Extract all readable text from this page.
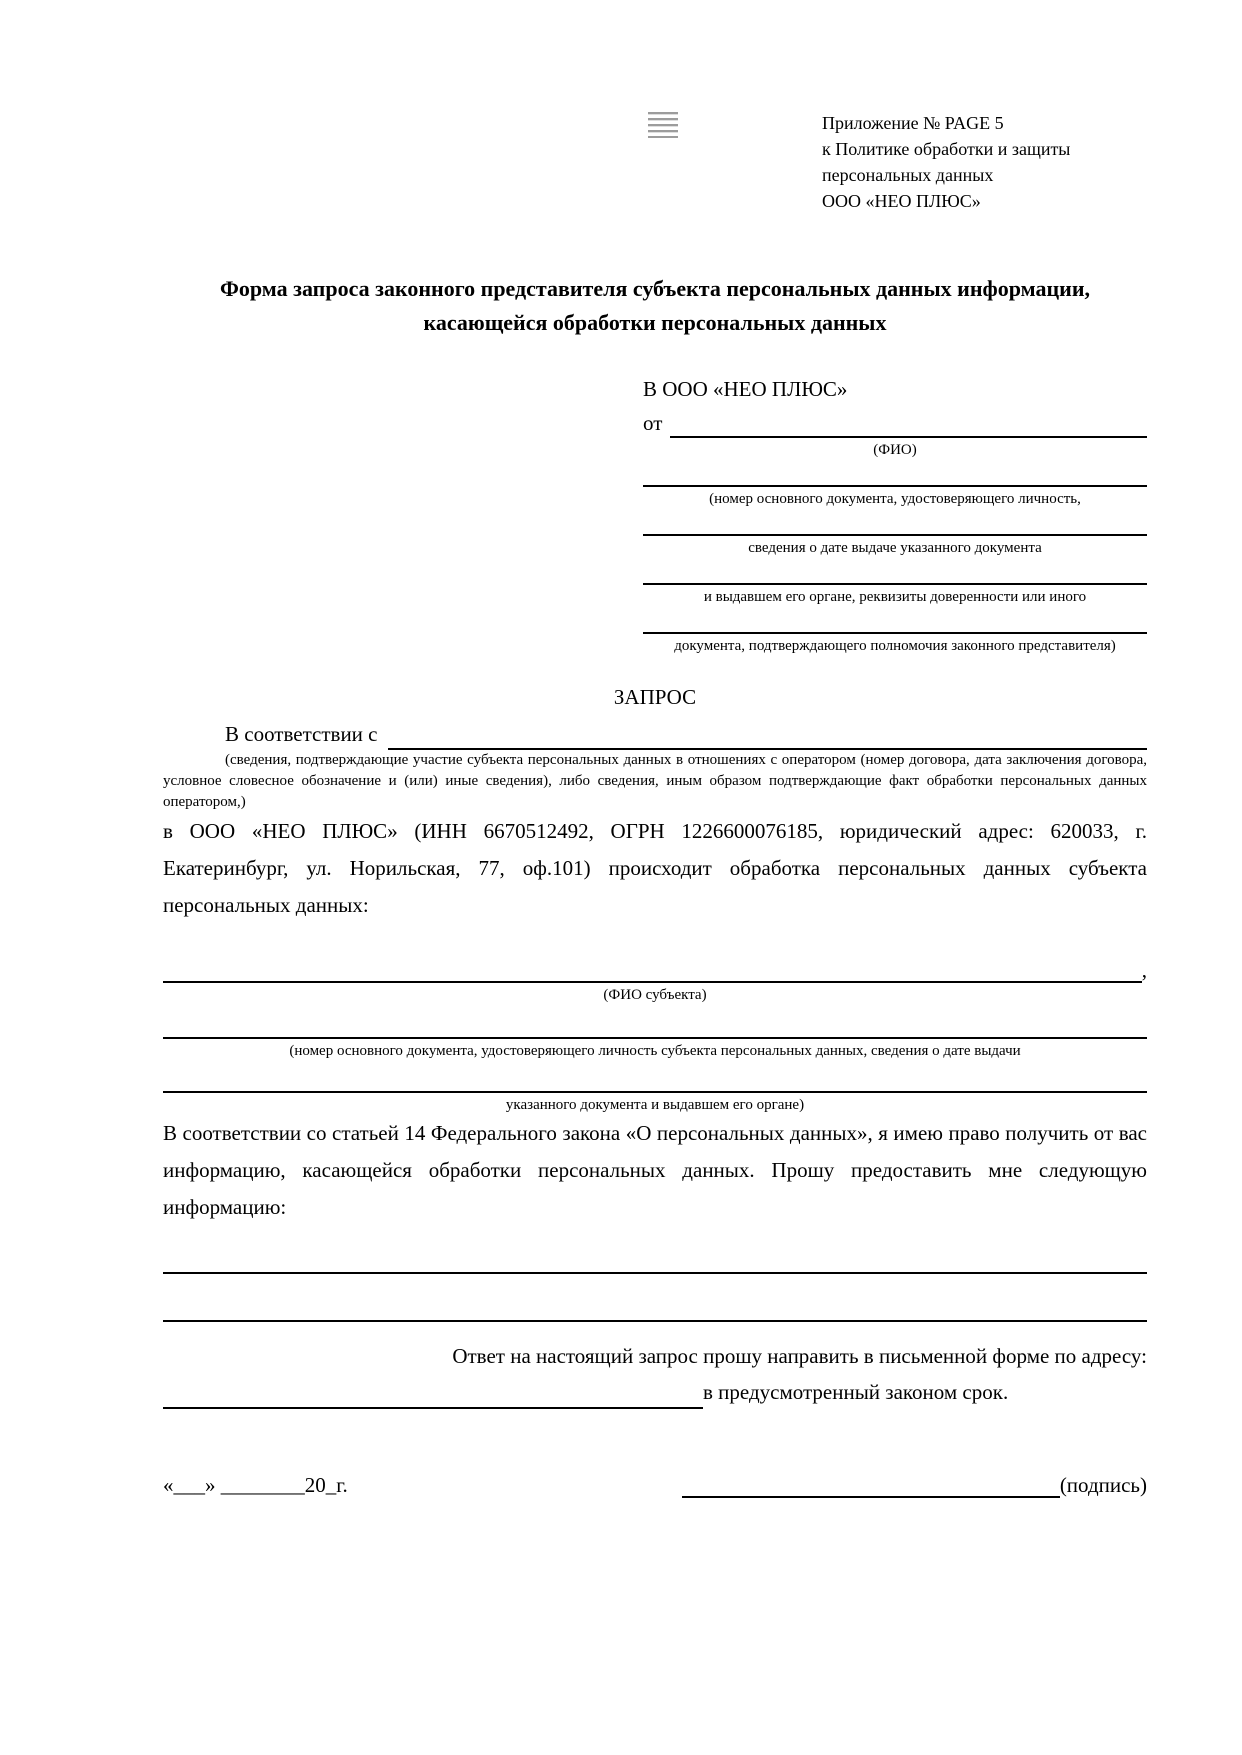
Приложение № PAGE 5
к Политике обработки и защиты
персональных данных
ООО «НЕО ПЛЮС»
Форма запроса законного представителя субъекта персональных данных информации, касающейся обработки персональных данных
В ООО «НЕО ПЛЮС»
от
(ФИО)
(номер основного документа, удостоверяющего личность,
сведения о дате выдаче указанного документа
и выдавшем его органе, реквизиты доверенности или иного
документа, подтверждающего полномочия законного представителя)
ЗАПРОС
В соответствии с
(сведения, подтверждающие участие субъекта персональных данных в отношениях с оператором (номер договора, дата заключения договора, условное словесное обозначение и (или) иные сведения), либо сведения, иным образом подтверждающие факт обработки персональных данных оператором,)
в ООО «НЕО ПЛЮС» (ИНН 6670512492, ОГРН 1226600076185, юридический адрес: 620033, г. Екатеринбург, ул. Норильская, 77, оф.101) происходит обработка персональных данных субъекта персональных данных:
,
(ФИО субъекта)
(номер основного документа, удостоверяющего личность субъекта персональных данных, сведения о дате выдачи
указанного документа и выдавшем его органе)
В соответствии со статьей 14 Федерального закона «О персональных данных», я имею право получить от вас информацию, касающейся обработки персональных данных. Прошу предоставить мне следующую информацию:
Ответ на настоящий запрос прошу направить в письменной форме по адресу:
в предусмотренный законом срок.
«___» ________20_г.	(подпись)
